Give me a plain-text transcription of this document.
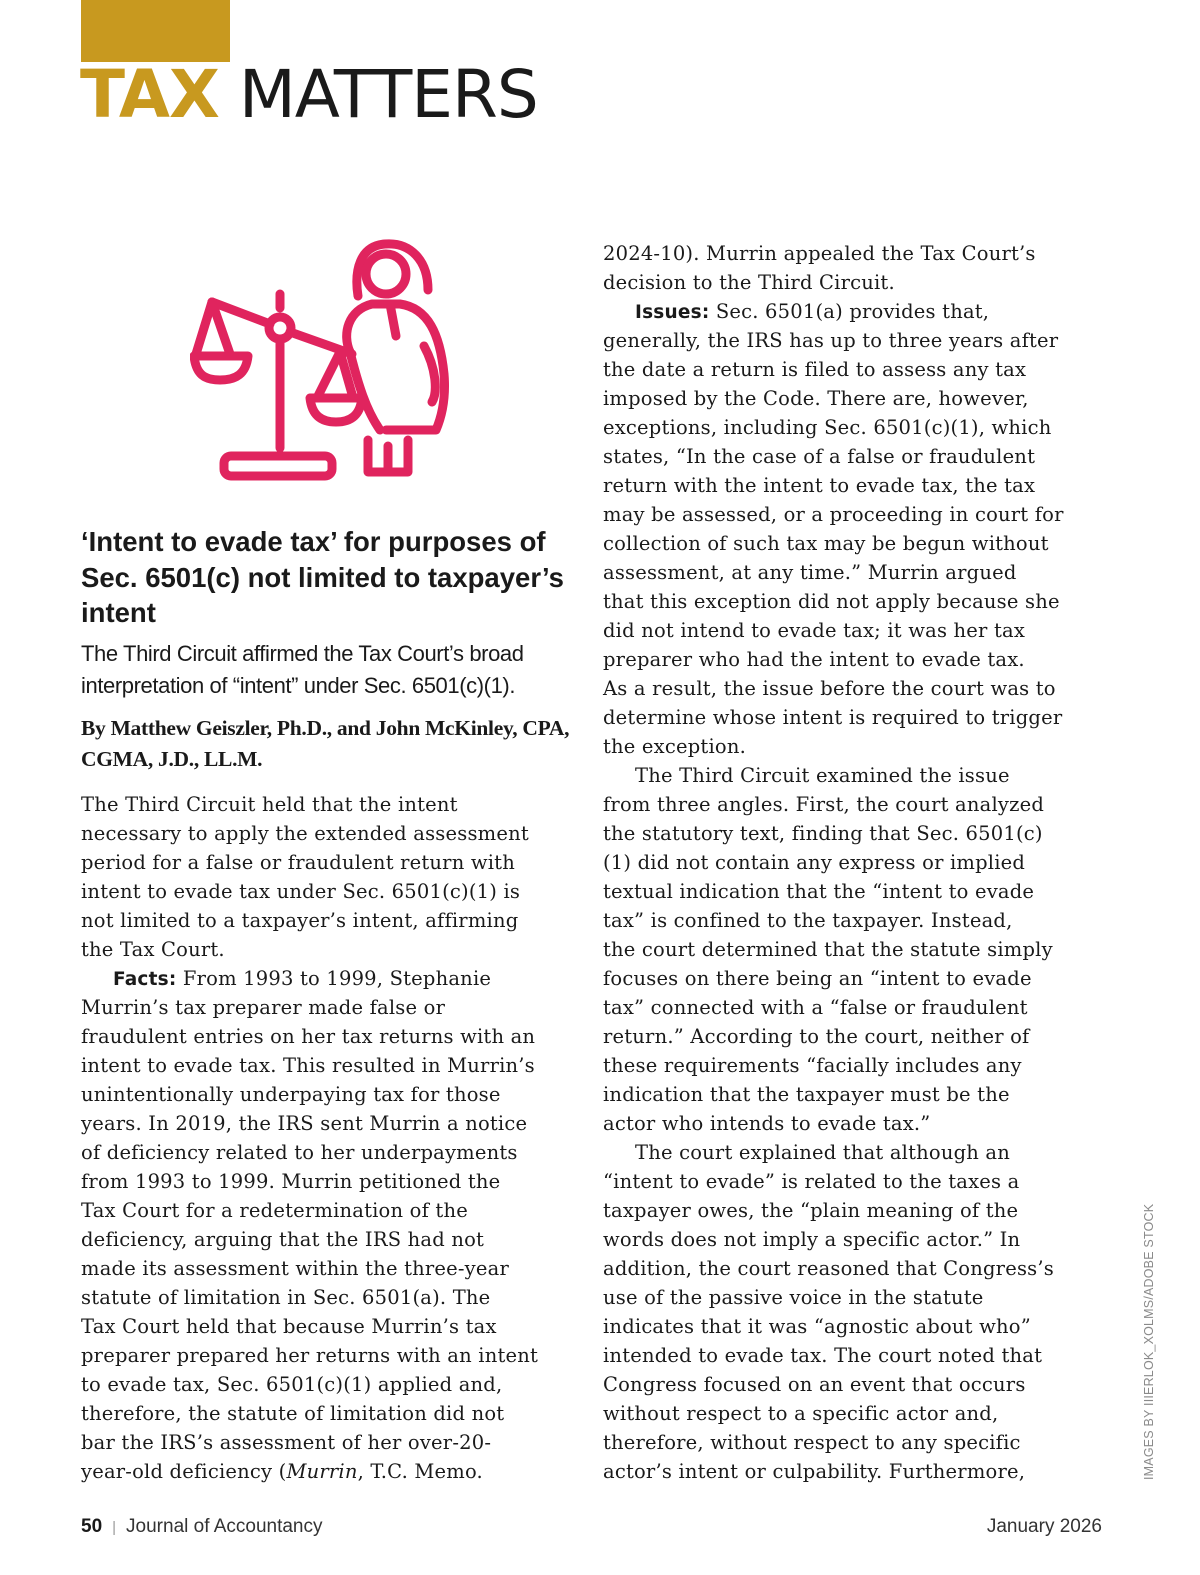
TAX MATTERS
‘Intent to evade tax’ for purposes of Sec. 6501(c) not limited to taxpayer’s intent

The Third Circuit affirmed the Tax Court’s broad interpretation of “intent” under Sec. 6501(c)(1).

By Matthew Geiszler, Ph.D., and John McKinley, CPA, CGMA, J.D., LL.M.

The Third Circuit held that the intent
necessary to apply the extended assessment
period for a false or fraudulent return with
intent to evade tax under Sec. 6501(c)(1) is
not limited to a taxpayer’s intent, affirming
the Tax Court.
Facts: From 1993 to 1999, Stephanie
Murrin’s tax preparer made false or
fraudulent entries on her tax returns with an
intent to evade tax. This resulted in Murrin’s
unintentionally underpaying tax for those
years. In 2019, the IRS sent Murrin a notice
of deficiency related to her underpayments
from 1993 to 1999. Murrin petitioned the
Tax Court for a redetermination of the
deficiency, arguing that the IRS had not
made its assessment within the three-year
statute of limitation in Sec. 6501(a). The
Tax Court held that because Murrin’s tax
preparer prepared her returns with an intent
to evade tax, Sec. 6501(c)(1) applied and,
therefore, the statute of limitation did not
bar the IRS’s assessment of her over-20-
year-old deficiency (Murrin, T.C. Memo.
2024-10). Murrin appealed the Tax Court’s
decision to the Third Circuit.
Issues: Sec. 6501(a) provides that,
generally, the IRS has up to three years after
the date a return is filed to assess any tax
imposed by the Code. There are, however,
exceptions, including Sec. 6501(c)(1), which
states, “In the case of a false or fraudulent
return with the intent to evade tax, the tax
may be assessed, or a proceeding in court for
collection of such tax may be begun without
assessment, at any time.” Murrin argued
that this exception did not apply because she
did not intend to evade tax; it was her tax
preparer who had the intent to evade tax.
As a result, the issue before the court was to
determine whose intent is required to trigger
the exception.
The Third Circuit examined the issue
from three angles. First, the court analyzed
the statutory text, finding that Sec. 6501(c)
(1) did not contain any express or implied
textual indication that the “intent to evade
tax” is confined to the taxpayer. Instead,
the court determined that the statute simply
focuses on there being an “intent to evade
tax” connected with a “false or fraudulent
return.” According to the court, neither of
these requirements “facially includes any
indication that the taxpayer must be the
actor who intends to evade tax.”
The court explained that although an
“intent to evade” is related to the taxes a
taxpayer owes, the “plain meaning of the
words does not imply a specific actor.” In
addition, the court reasoned that Congress’s
use of the passive voice in the statute
indicates that it was “agnostic about who”
intended to evade tax. The court noted that
Congress focused on an event that occurs
without respect to a specific actor and,
therefore, without respect to any specific
actor’s intent or culpability. Furthermore,	IMAGES BY IIIERLOK_XOLMS/ADOBE STOCK
50 | Journal of Accountancy	January 2026
